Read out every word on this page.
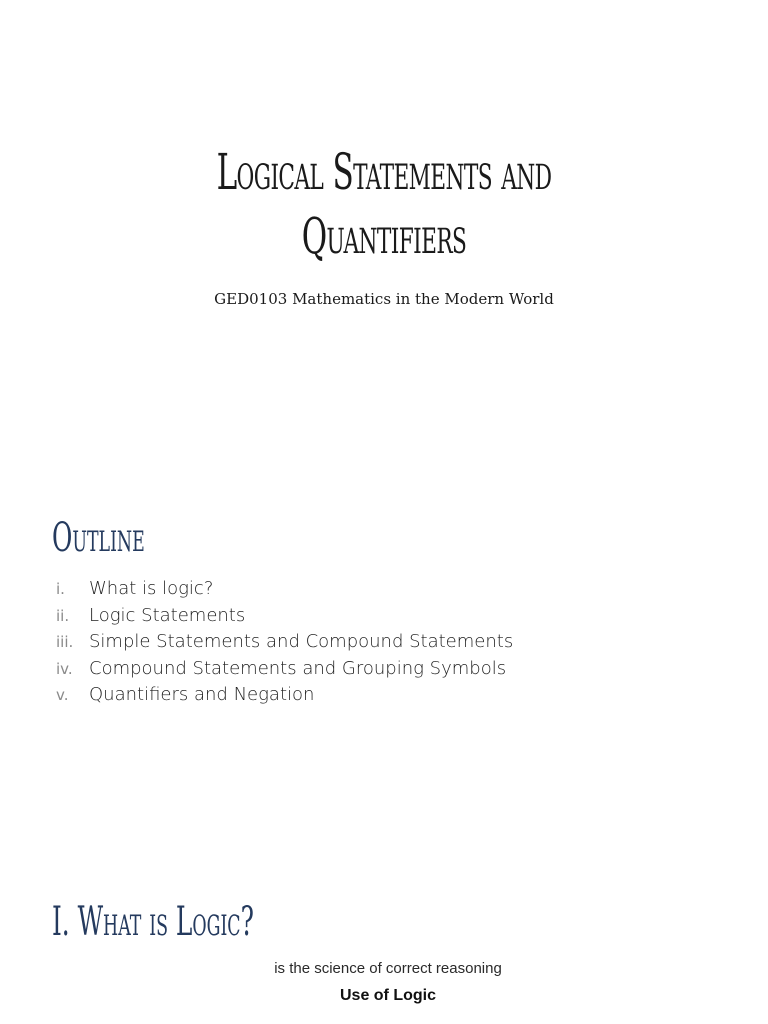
Logical Statements and
Quantifiers

GED0103 Mathematics in the Modern World

Outline
i. What is logic?
ii. Logic Statements
iii. Simple Statements and Compound Statements
iv. Compound Statements and Grouping Symbols
v. Quantifiers and Negation
I. What is Logic?

is the science of correct reasoning

Use of Logic
